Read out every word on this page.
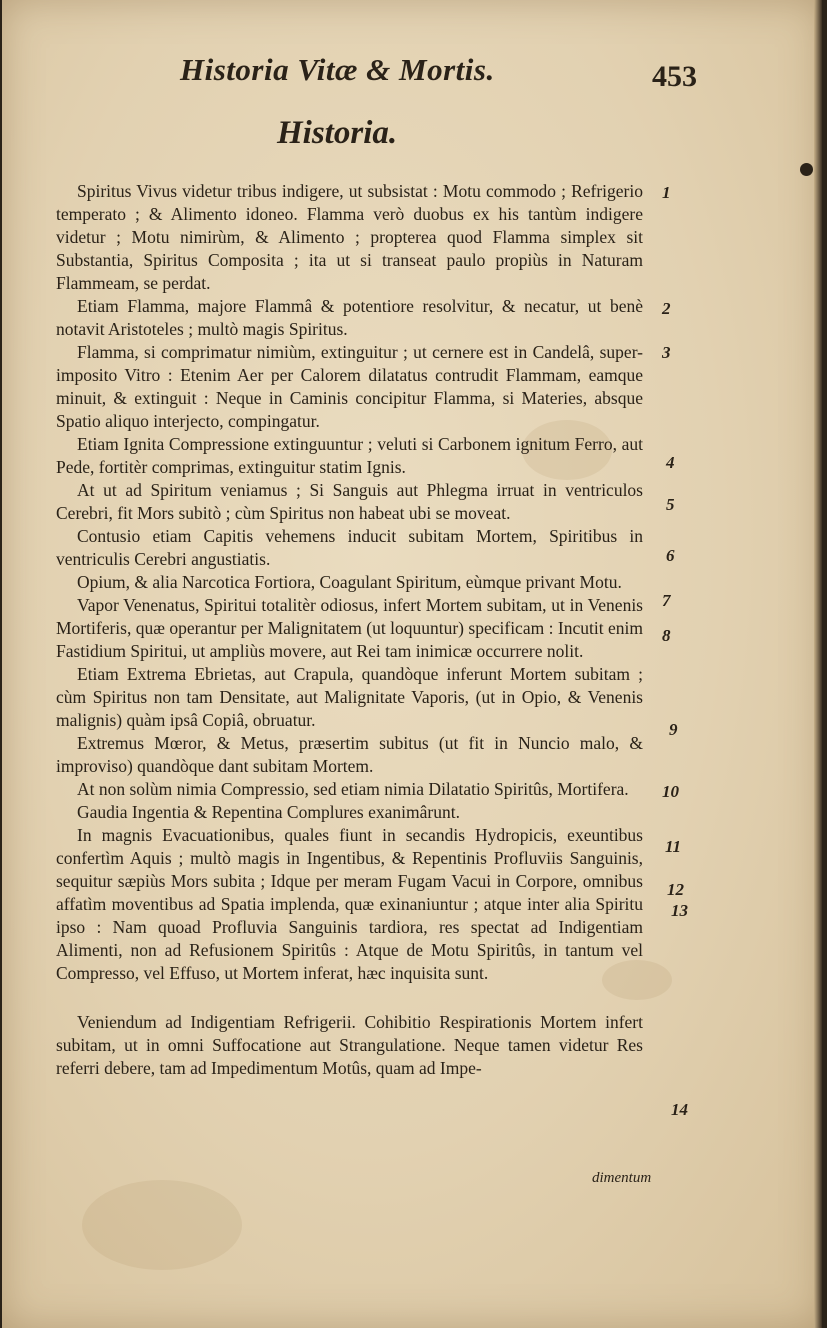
Historia Vitæ & Mortis.	453
Historia.

Spiritus Vivus videtur tribus indigere, ut subsistat : Motu commodo ; Refrigerio temperato ; & Alimento idoneo. Flamma verò duobus ex his tantùm indigere videtur ; Motu nimirùm, & Alimento ; propterea quod Flamma simplex sit Substantia, Spiritus Composita ; ita ut si transeat paulo propiùs in Naturam Flammeam, se perdat.

Etiam Flamma, majore Flammâ & potentiore resolvitur, & necatur, ut benè notavit Aristoteles ; multò magis Spiritus.

Flamma, si comprimatur nimiùm, extinguitur ; ut cernere est in Candelâ, super-imposito Vitro : Etenim Aer per Calorem dilatatus contrudit Flammam, eamque minuit, & extinguit : Neque in Caminis concipitur Flamma, si Materies, absque Spatio aliquo interjecto, compingatur.

Etiam Ignita Compressione extinguuntur ; veluti si Carbonem ignitum Ferro, aut Pede, fortitèr comprimas, extinguitur statim Ignis.

At ut ad Spiritum veniamus ; Si Sanguis aut Phlegma irruat in ventriculos Cerebri, fit Mors subitò ; cùm Spiritus non habeat ubi se moveat.

Contusio etiam Capitis vehemens inducit subitam Mortem, Spiritibus in ventriculis Cerebri angustiatis.

Opium, & alia Narcotica Fortiora, Coagulant Spiritum, eùmque privant Motu.

Vapor Venenatus, Spiritui totalitèr odiosus, infert Mortem subitam, ut in Venenis Mortiferis, quæ operantur per Malignitatem (ut loquuntur) specificam : Incutit enim Fastidium Spiritui, ut ampliùs movere, aut Rei tam inimicæ occurrere nolit.

Etiam Extrema Ebrietas, aut Crapula, quandòque inferunt Mortem subitam ; cùm Spiritus non tam Densitate, aut Malignitate Vaporis, (ut in Opio, & Venenis malignis) quàm ipsâ Copiâ, obruatur.

Extremus Mœror, & Metus, præsertim subitus (ut fit in Nuncio malo, & improviso) quandòque dant subitam Mortem.

At non solùm nimia Compressio, sed etiam nimia Dilatatio Spiritûs, Mortifera.

Gaudia Ingentia & Repentina Complures exanimârunt.

In magnis Evacuationibus, quales fiunt in secandis Hydropicis, exeuntibus confertìm Aquis ; multò magis in Ingentibus, & Repentinis Profluviis Sanguinis, sequitur sæpiùs Mors subita ; Idque per meram Fugam Vacui in Corpore, omnibus affatìm moventibus ad Spatia implenda, quæ exinaniuntur ; atque inter alia Spiritu ipso : Nam quoad Profluvia Sanguinis tardiora, res spectat ad Indigentiam Alimenti, non ad Refusionem Spiritûs : Atque de Motu Spiritûs, in tantum vel Compresso, vel Effuso, ut Mortem inferat, hæc inquisita sunt.

Veniendum ad Indigentiam Refrigerii. Cohibitio Respirationis Mortem infert subitam, ut in omni Suffocatione aut Strangulatione. Neque tamen videtur Res referri debere, tam ad Impedimentum Motûs, quam ad Impe-

1
2
3
4
5
6
7
8
9
10
11
12
13
14
dimentum
